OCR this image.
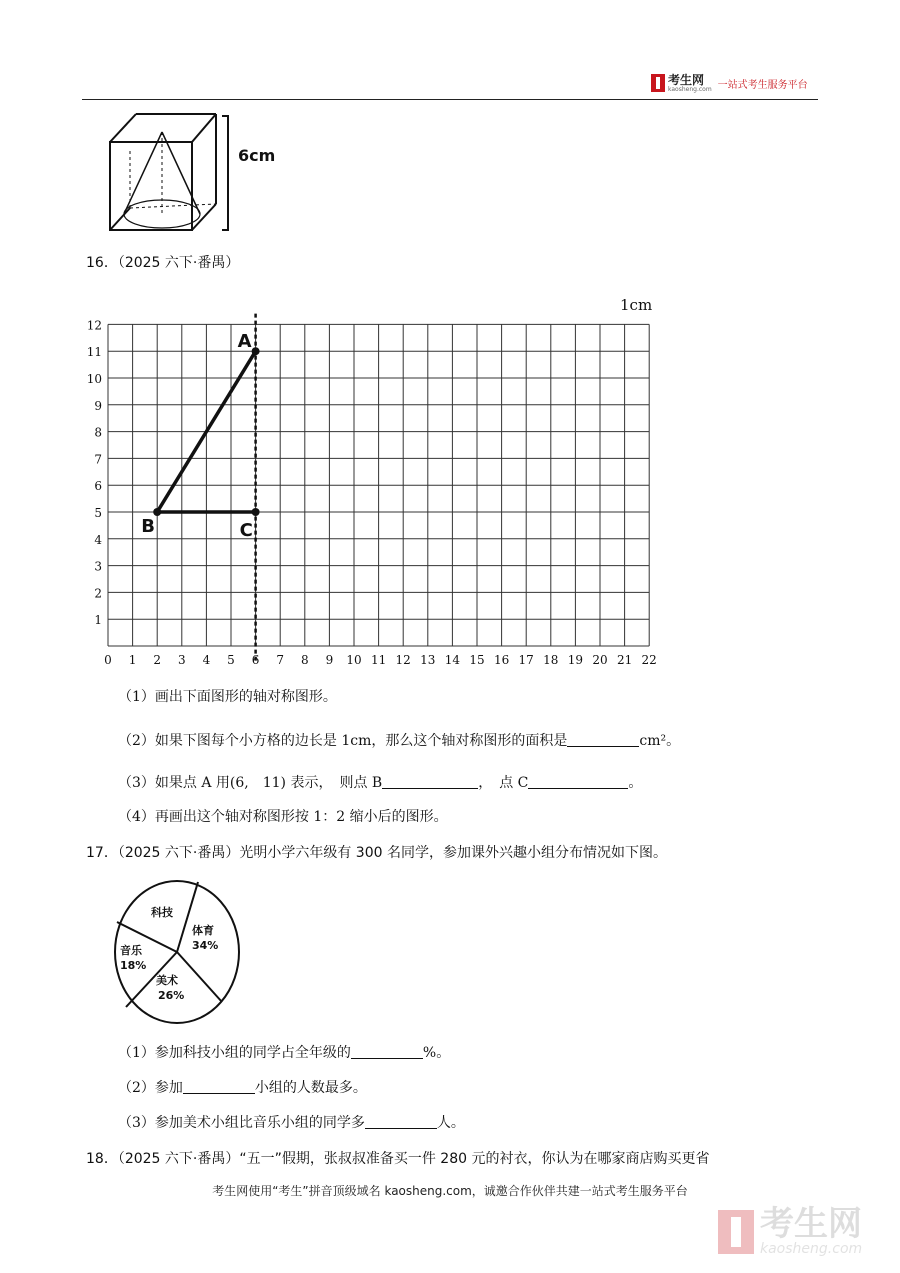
考生网
kaosheng.com 一站式考生服务平台
6cm
16．（2025 六下·番禺）
1cm
A
B	C
1
2
3
4
5
6
7
8
9
10
11
12
0 1 2 3 4 5 6 7 8 9 10 11 12 13 14 15 16 17 18 19 20 21 22
（1）画出下面图形的轴对称图形。
（2）如果下图每个小方格的边长是 1cm，那么这个轴对称图形的面积是	cm²。
（3）如果点 A 用(6,　11) 表示，　则点 B	，　点 C	。
（4）再画出这个轴对称图形按 1：2 缩小后的图形。
17．（2025 六下·番禺）光明小学六年级有 300 名同学，参加课外兴趣小组分布情况如下图。
科技
体育
34%
音乐
18%
美术
26%
（1）参加科技小组的同学占全年级的	%。
（2）参加	小组的人数最多。
（3）参加美术小组比音乐小组的同学多	人。
18．（2025 六下·番禺）“五一”假期，张叔叔准备买一件 280 元的衬衣，你认为在哪家商店购买更省
考生网使用“考生”拼音顶级域名 kaosheng.com，诚邀合作伙伴共建一站式考生服务平台
考生网
kaosheng.com
